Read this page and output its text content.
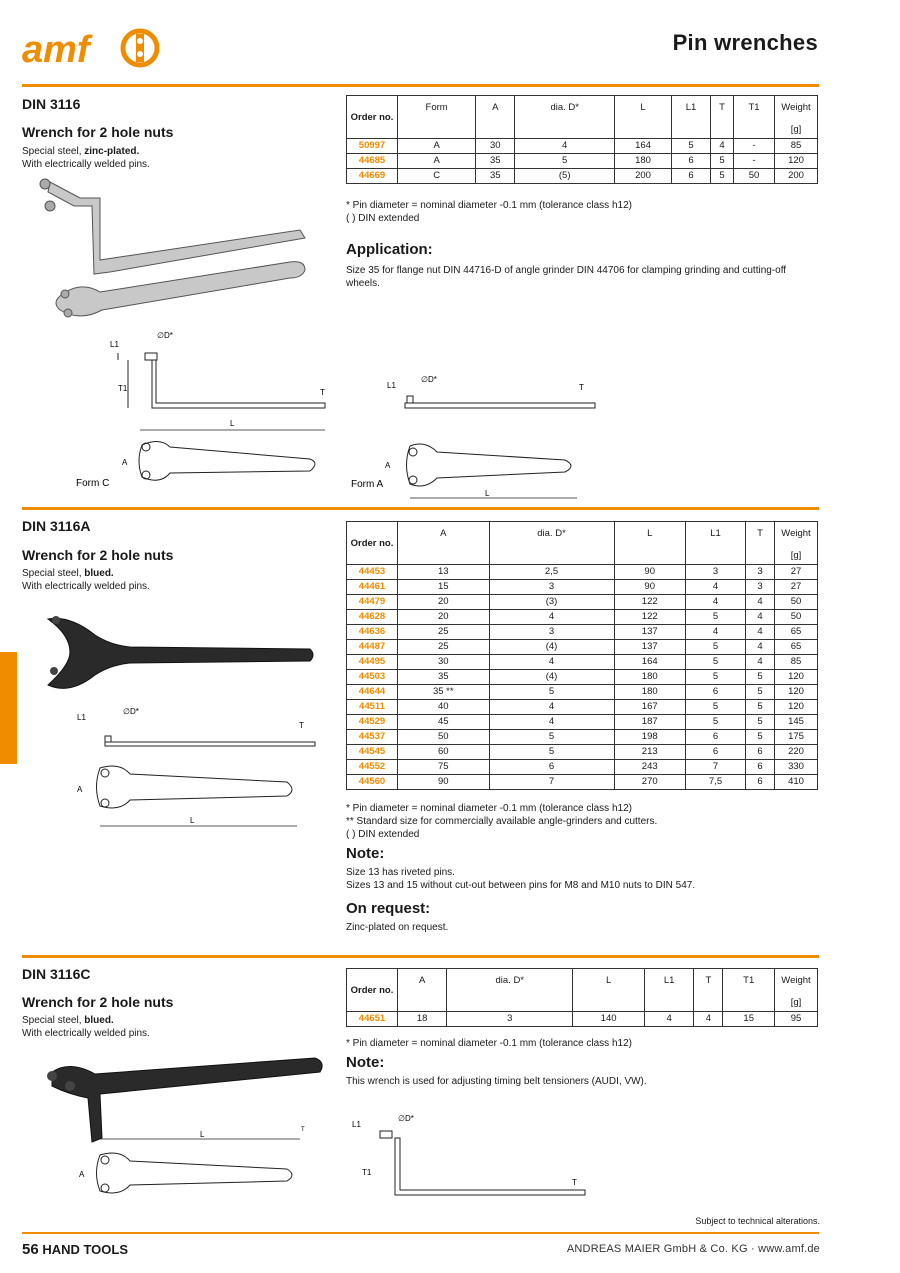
amf	Pin wrenches
DIN 3116
Wrench for 2 hole nuts
Special steel, zinc-plated.
With electrically welded pins.
Order no.	Form	A	dia. D*	L	L1	T	T1	Weight

[g]
50997	A	30	4	164	5	4	-	85
44685	A	35	5	180	6	5	-	120
44669	C	35	(5)	200	6	5	50	200
* Pin diameter = nominal diameter -0.1 mm (tolerance class h12)
( ) DIN extended
Application:
Size 35 for flange nut DIN 44716-D of angle grinder DIN 44706 for clamping grinding and cutting-off wheels.
L1
T1
∅D*
T
L
A
Form C
L1
∅D*
T
A
L
Form A
DIN 3116A
Wrench for 2 hole nuts
Special steel, blued.
With electrically welded pins.
Order no.	A	dia. D*	L	L1	T	Weight

[g]
44453	13	2,5	90	3	3	27
44461	15	3	90	4	3	27
44479	20	(3)	122	4	4	50
44628	20	4	122	5	4	50
44636	25	3	137	4	4	65
44487	25	(4)	137	5	4	65
44495	30	4	164	5	4	85
44503	35	(4)	180	5	5	120
44644	35 **	5	180	6	5	120
44511	40	4	167	5	5	120
44529	45	4	187	5	5	145
44537	50	5	198	6	5	175
44545	60	5	213	6	6	220
44552	75	6	243	7	6	330
44560	90	7	270	7,5	6	410
* Pin diameter = nominal diameter -0.1 mm (tolerance class h12)
** Standard size for commercially available angle-grinders and cutters.
( ) DIN extended
Note:
Size 13 has riveted pins.
Sizes 13 and 15 without cut-out between pins for M8 and M10 nuts to DIN 547.
On request:
Zinc-plated on request.
L1
∅D*
T
A
L
DIN 3116C
Wrench for 2 hole nuts
Special steel, blued.
With electrically welded pins.
Order no.	A	dia. D*	L	L1	T	T1	Weight

[g]
44651	18	3	140	4	4	15	95
* Pin diameter = nominal diameter -0.1 mm (tolerance class h12)
Note:
This wrench is used for adjusting timing belt tensioners (AUDI, VW).
L	T
A
L1
∅D*
T1
T
Subject to technical alterations.
56 HAND TOOLS	ANDREAS MAIER GmbH & Co. KG · www.amf.de
